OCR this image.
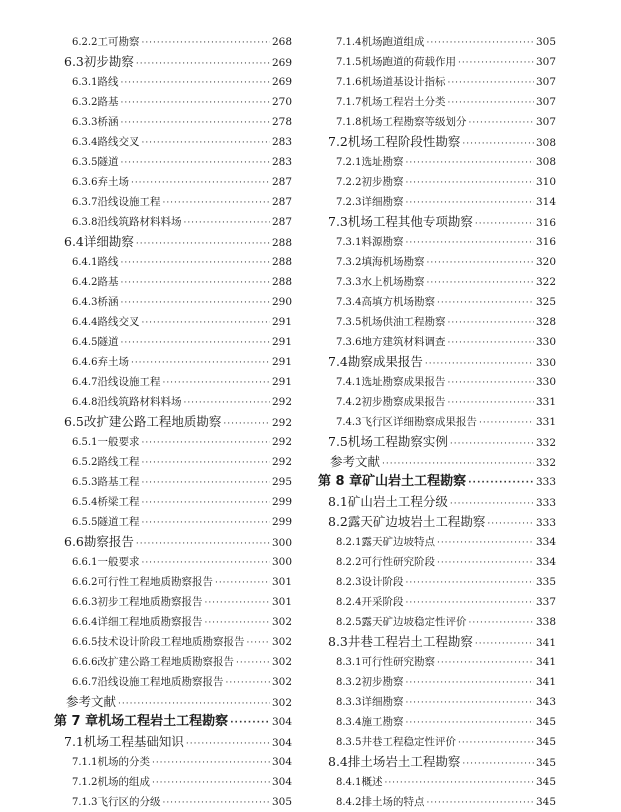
6.2.2 工可勘察 ·····	268
6.3 初步勘察 ·····	269
6.3.1 路线 ·····	269
6.3.2 路基 ·····	270
6.3.3 桥涵 ·····	278
6.3.4 路线交叉 ·····	283
6.3.5 隧道 ·····	283
6.3.6 弃土场 ·····	287
6.3.7 沿线设施工程 ·····	287
6.3.8 沿线筑路材料料场 ·····	287
6.4 详细勘察 ·····	288
6.4.1 路线 ·····	288
6.4.2 路基 ·····	288
6.4.3 桥涵 ·····	290
6.4.4 路线交叉 ·····	291
6.4.5 隧道 ·····	291
6.4.6 弃土场 ·····	291
6.4.7 沿线设施工程 ·····	291
6.4.8 沿线筑路材料料场 ·····	292
6.5 改扩建公路工程地质勘察 ·····	292
6.5.1 一般要求 ·····	292
6.5.2 路线工程 ·····	292
6.5.3 路基工程 ·····	295
6.5.4 桥梁工程 ·····	299
6.5.5 隧道工程 ·····	299
6.6 勘察报告 ·····	300
6.6.1 一般要求 ·····	300
6.6.2 可行性工程地质勘察报告 ·····	301
6.6.3 初步工程地质勘察报告 ·····	301
6.6.4 详细工程地质勘察报告 ·····	302
6.6.5 技术设计阶段工程地质勘察报告 ·····	302
6.6.6 改扩建公路工程地质勘察报告 ·····	302
6.6.7 沿线设施工程地质勘察报告 ·····	302
参考文献 ·····	302
第 7 章 机场工程岩土工程勘察 ·····	304
7.1 机场工程基础知识 ·····	304
7.1.1 机场的分类 ·····	304
7.1.2 机场的组成 ·····	304
7.1.3 飞行区的分级 ·····	305
7.1.4 机场跑道组成 ·····	305
7.1.5 机场跑道的荷载作用 ·····	307
7.1.6 机场道基设计指标 ·····	307
7.1.7 机场工程岩土分类 ·····	307
7.1.8 机场工程勘察等级划分 ·····	307
7.2 机场工程阶段性勘察 ·····	308
7.2.1 选址勘察 ·····	308
7.2.2 初步勘察 ·····	310
7.2.3 详细勘察 ·····	314
7.3 机场工程其他专项勘察 ·····	316
7.3.1 料源勘察 ·····	316
7.3.2 填海机场勘察 ·····	320
7.3.3 水上机场勘察 ·····	322
7.3.4 高填方机场勘察 ·····	325
7.3.5 机场供油工程勘察 ·····	328
7.3.6 地方建筑材料调查 ·····	330
7.4 勘察成果报告 ·····	330
7.4.1 选址勘察成果报告 ·····	330
7.4.2 初步勘察成果报告 ·····	331
7.4.3 飞行区详细勘察成果报告 ·····	331
7.5 机场工程勘察实例 ·····	332
参考文献 ·····	332
第 8 章 矿山岩土工程勘察 ·····	333
8.1 矿山岩土工程分级 ·····	333
8.2 露天矿边坡岩土工程勘察 ·····	333
8.2.1 露天矿边坡特点 ·····	334
8.2.2 可行性研究阶段 ·····	334
8.2.3 设计阶段 ·····	335
8.2.4 开采阶段 ·····	337
8.2.5 露天矿边坡稳定性评价 ·····	338
8.3 井巷工程岩土工程勘察 ·····	341
8.3.1 可行性研究勘察 ·····	341
8.3.2 初步勘察 ·····	341
8.3.3 详细勘察 ·····	343
8.3.4 施工勘察 ·····	345
8.3.5 井巷工程稳定性评价 ·····	345
8.4 排土场岩土工程勘察 ·····	345
8.4.1 概述 ·····	345
8.4.2 排土场的特点 ·····	345
